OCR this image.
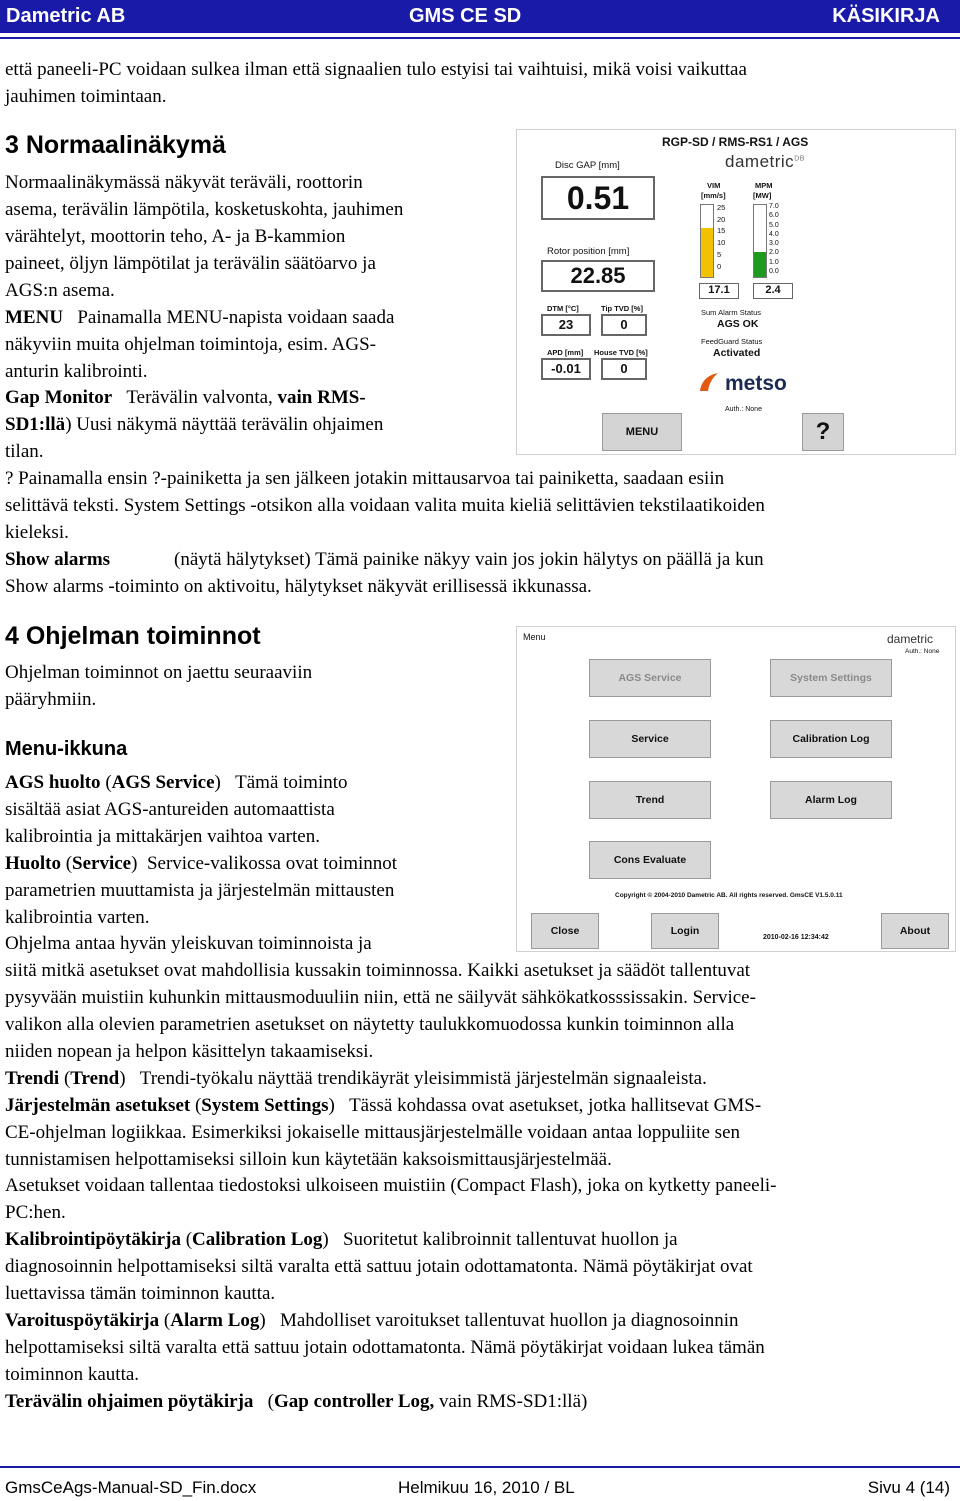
Dametric AB	GMS CE SD	KÄSIKIRJA

että paneeli-PC voidaan sulkea ilman että signaalien tulo estyisi tai vaihtuisi, mikä voisi vaikuttaa

jauhimen toimintaan.

3 Normaalinäkymä

Normaalinäkymässä näkyvät teräväli, roottorin

asema, terävälin lämpötila, kosketuskohta, jauhimen

värähtelyt, moottorin teho, A- ja B-kammion

paineet, öljyn lämpötilat ja terävälin säätöarvo ja

AGS:n asema.

MENU Painamalla MENU-napista voidaan saada

näkyviin muita ohjelman toimintoja, esim. AGS-

anturin kalibrointi.

Gap Monitor Terävälin valvonta, vain RMS-

SD1:llä) Uusi näkymä näyttää terävälin ohjaimen

tilan.

? Painamalla ensin ?-painiketta ja sen jälkeen jotakin mittausarvoa tai painiketta, saadaan esiin

selittävä teksti. System Settings -otsikon alla voidaan valita muita kieliä selittävien tekstilaatikoiden

kieleksi.

Show alarms	(näytä hälytykset) Tämä painike näkyy vain jos jokin hälytys on päällä ja kun

Show alarms -toiminto on aktivoitu, hälytykset näkyvät erillisessä ikkunassa.

RGP-SD / RMS-RS1 / AGS
dametric$^{DB}$
Disc GAP [mm]
0.51
Rotor position [mm]
22.85
DTM [°C]
23
Tip TVD [%]
0
APD [mm]
-0.01
House TVD [%]
0
VIM
[mm/s]
25
20
15
10
5
0
17.1
MPM
[MW]
7.0
6.0
5.0
4.0
3.0
2.0
1.0
0.0
2.4
Sum Alarm Status
AGS OK
FeedGuard Status
Activated
metso
Auth.: None
MENU	?
4 Ohjelman toiminnot

Ohjelman toiminnot on jaettu seuraaviin

pääryhmiin.

Menu-ikkuna

AGS huolto (AGS Service)   Tämä toiminto

sisältää asiat AGS-antureiden automaattista

kalibrointia ja mittakärjen vaihtoa varten.

Huolto (Service)  Service-valikossa ovat toiminnot

parametrien muuttamista ja järjestelmän mittausten

kalibrointia varten.

Ohjelma antaa hyvän yleiskuvan toiminnoista ja

siitä mitkä asetukset ovat mahdollisia kussakin toiminnossa. Kaikki asetukset ja säädöt tallentuvat

pysyvään muistiin kuhunkin mittausmoduuliin niin, että ne säilyvät sähkökatkosssissakin. Service-

valikon alla olevien parametrien asetukset on näytetty taulukkomuodossa kunkin toiminnon alla

niiden nopean ja helpon käsittelyn takaamiseksi.

Trendi (Trend)   Trendi-työkalu näyttää trendikäyrät yleisimmistä järjestelmän signaaleista.

Järjestelmän asetukset (System Settings)   Tässä kohdassa ovat asetukset, jotka hallitsevat GMS-

CE-ohjelman logiikkaa. Esimerkiksi jokaiselle mittausjärjestelmälle voidaan antaa loppuliite sen

tunnistamisen helpottamiseksi silloin kun käytetään kaksoismittausjärjestelmää.

Asetukset voidaan tallentaa tiedostoksi ulkoiseen muistiin (Compact Flash), joka on kytketty paneeli-

PC:hen.

Kalibrointipöytäkirja (Calibration Log)   Suoritetut kalibroinnit tallentuvat huollon ja

diagnosoinnin helpottamiseksi siltä varalta että sattuu jotain odottamatonta. Nämä pöytäkirjat ovat

luettavissa tämän toiminnon kautta.

Varoituspöytäkirja (Alarm Log)   Mahdolliset varoitukset tallentuvat huollon ja diagnosoinnin

helpottamiseksi siltä varalta että sattuu jotain odottamatonta. Nämä pöytäkirjat voidaan lukea tämän

toiminnon kautta.

Terävälin ohjaimen pöytäkirja   (Gap controller Log, vain RMS-SD1:llä)

Menu	dametric
Auth.: None
AGS Service	System Settings
Service	Calibration Log
Trend	Alarm Log
Cons Evaluate
Copyright © 2004-2010 Dametric AB. All rights reserved. GmsCE V1.5.0.11
Close	Login
2010-02-16 12:34:42
About
GmsCeAgs-Manual-SD_Fin.docx	Helmikuu 16, 2010 / BL	Sivu 4 (14)
